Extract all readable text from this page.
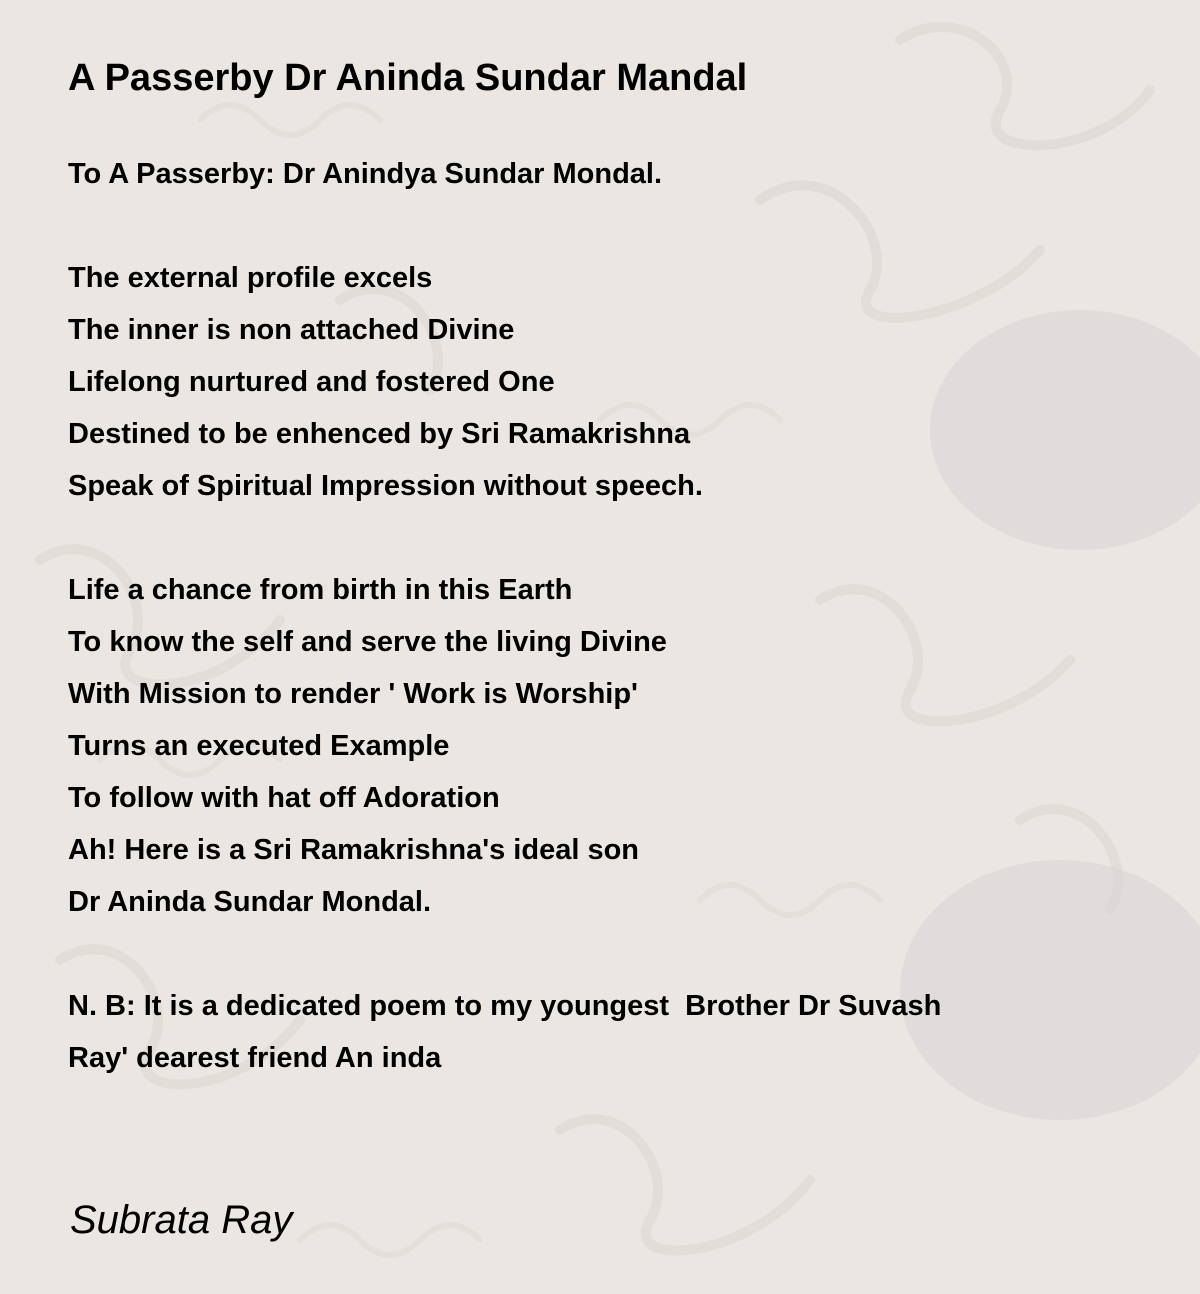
A Passerby Dr Aninda Sundar Mandal
To A Passerby: Dr Anindya Sundar Mondal.
The external profile excels
The inner is non attached Divine
Lifelong nurtured and fostered One
Destined to be enhenced by Sri Ramakrishna
Speak of Spiritual Impression without speech.
Life a chance from birth in this Earth
To know the self and serve the living Divine
With Mission to render ' Work is Worship'
Turns an executed Example
To follow with hat off Adoration
Ah! Here is a Sri Ramakrishna's ideal son
Dr Aninda Sundar Mondal.
N. B: It is a dedicated poem to my youngest  Brother Dr Suvash
Ray' dearest friend An inda
Subrata Ray
